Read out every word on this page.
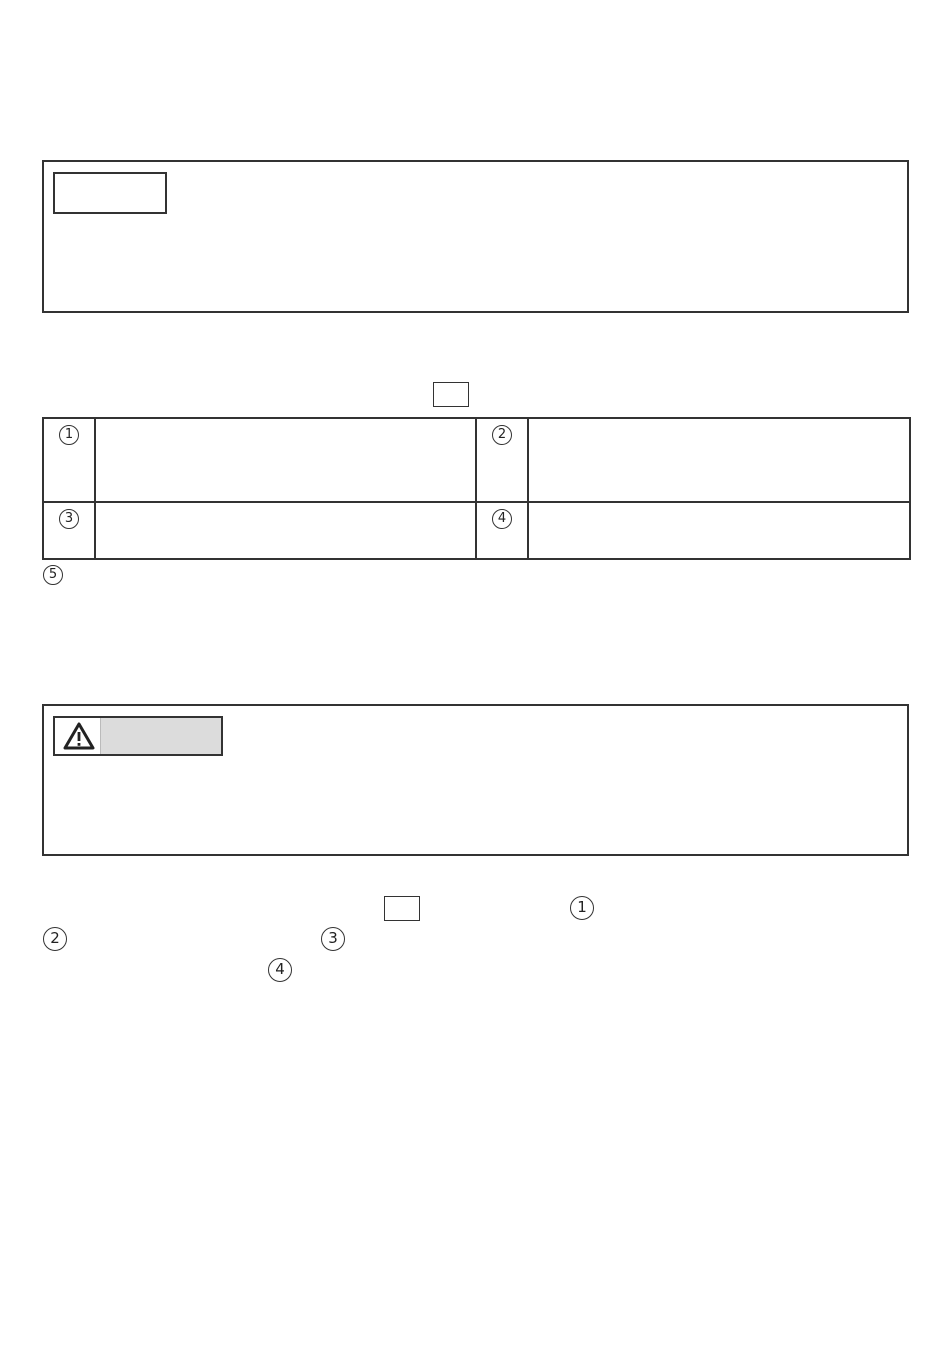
1		2	

3		4	

5
1
2	3
4
